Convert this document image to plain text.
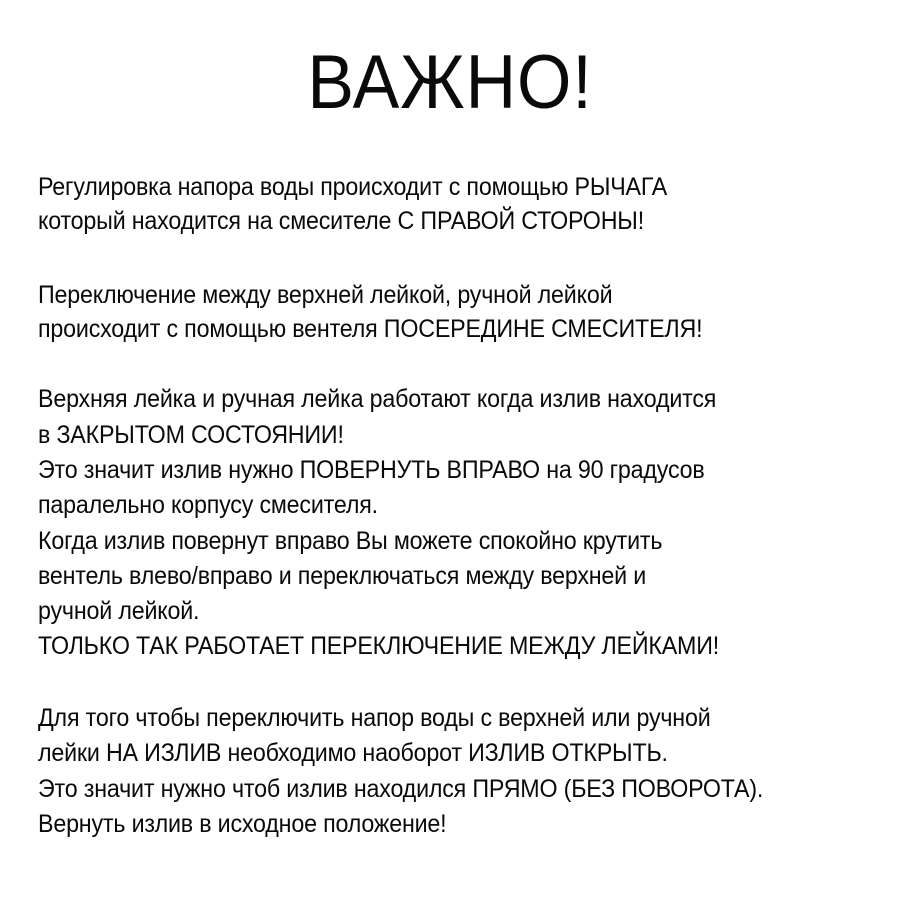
ВАЖНО!

Регулировка напора воды происходит с помощью РЫЧАГА

который находится на смесителе С ПРАВОЙ СТОРОНЫ!

Переключение между верхней лейкой, ручной лейкой

происходит с помощью вентеля ПОСЕРЕДИНЕ СМЕСИТЕЛЯ!

Верхняя лейка и ручная лейка работают когда излив находится

в ЗАКРЫТОМ СОСТОЯНИИ!

Это значит излив нужно ПОВЕРНУТЬ ВПРАВО на 90 градусов

паралельно корпусу смесителя.

Когда излив повернут вправо Вы можете спокойно крутить

вентель влево/вправо и переключаться между верхней и

ручной лейкой.

ТОЛЬКО ТАК РАБОТАЕТ ПЕРЕКЛЮЧЕНИЕ МЕЖДУ ЛЕЙКАМИ!

Для того чтобы переключить напор воды с верхней или ручной

лейки НА ИЗЛИВ необходимо наоборот ИЗЛИВ ОТКРЫТЬ.

Это значит нужно чтоб излив находился ПРЯМО (БЕЗ ПОВОРОТА).

Вернуть излив в исходное положение!
